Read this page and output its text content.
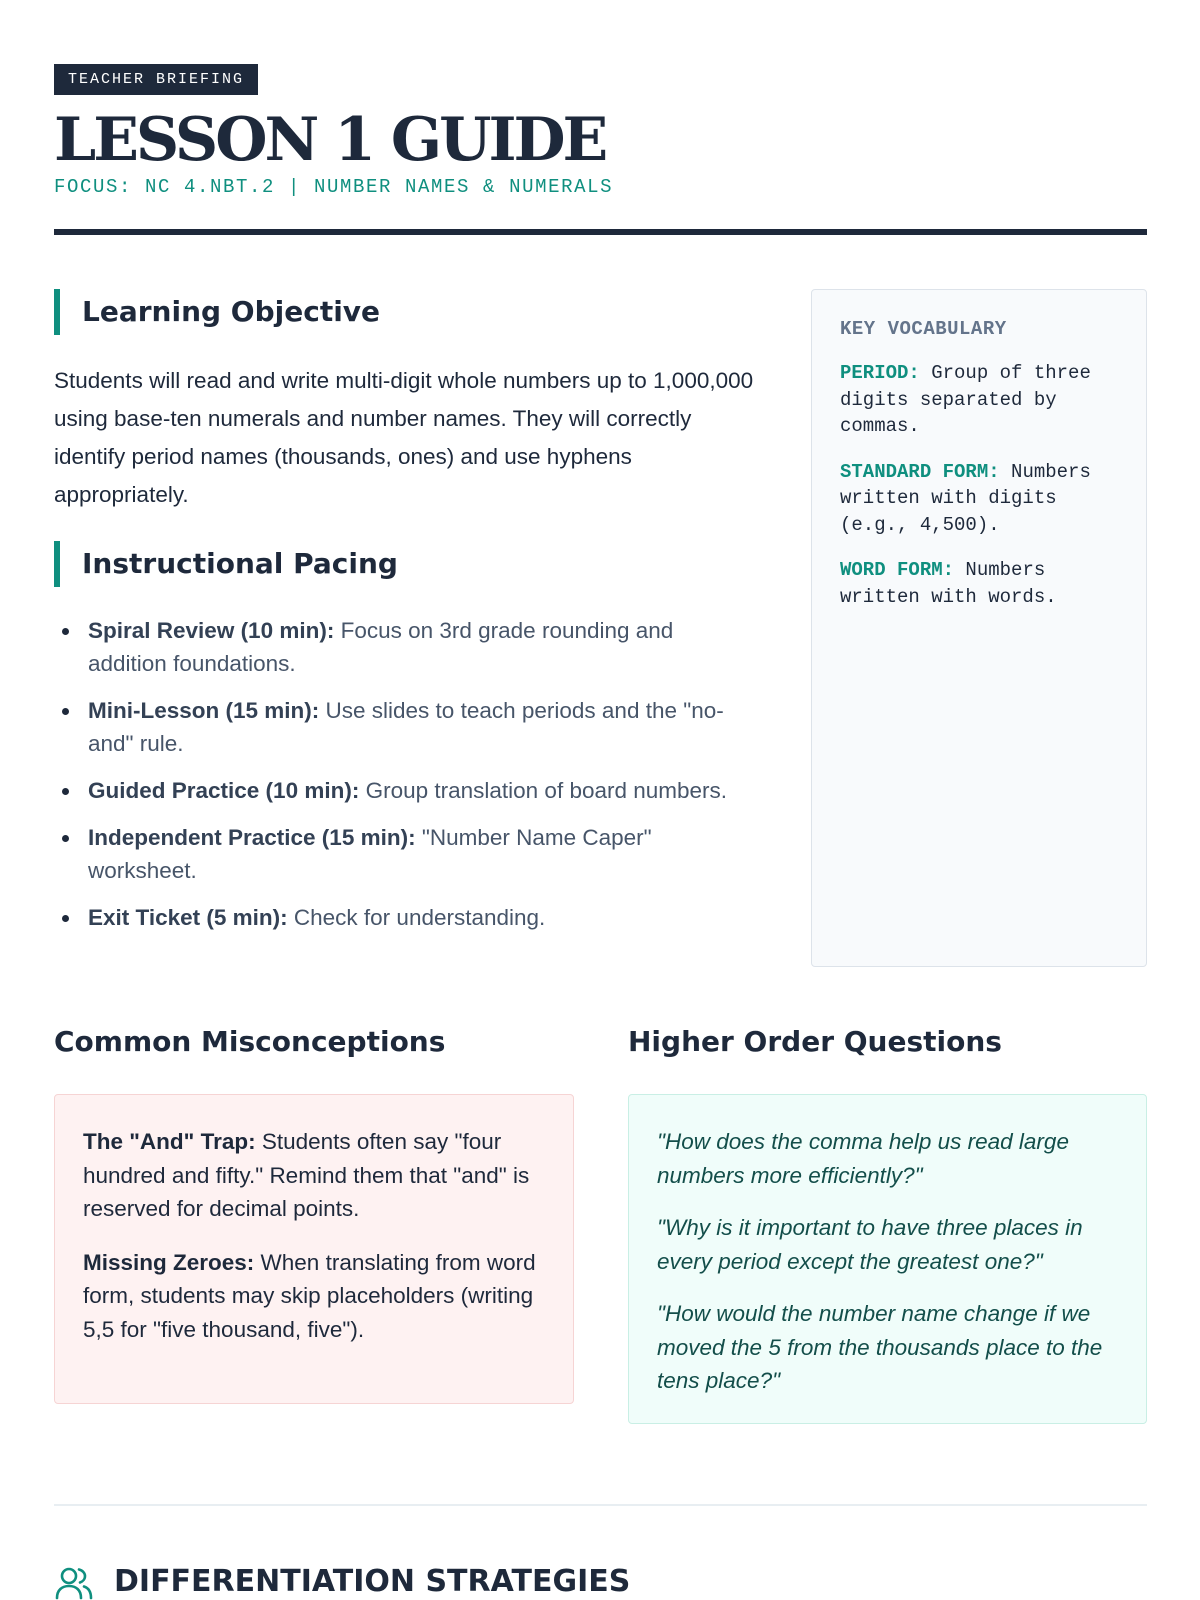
TEACHER BRIEFING
LESSON 1 GUIDE
FOCUS: NC 4.NBT.2 | NUMBER NAMES & NUMERALS
Learning Objective

Students will read and write multi-digit whole numbers up to 1,000,000 using base-ten numerals and number names. They will correctly identify period names (thousands, ones) and use hyphens appropriately.

Instructional Pacing
Spiral Review (10 min): Focus on 3rd grade rounding and addition foundations.
Mini-Lesson (15 min): Use slides to teach periods and the "no-and" rule.
Guided Practice (10 min): Group translation of board numbers.
Independent Practice (15 min): "Number Name Caper" worksheet.
Exit Ticket (5 min): Check for understanding.
KEY VOCABULARY
PERIOD: Group of three digits separated by commas.
STANDARD FORM: Numbers written with digits (e.g., 4,500).
WORD FORM: Numbers written with words.
Common Misconceptions

The "And" Trap: Students often say "four hundred and fifty." Remind them that "and" is reserved for decimal points.

Missing Zeroes: When translating from word form, students may skip placeholders (writing 5,5 for "five thousand, five").

Higher Order Questions

"How does the comma help us read large numbers more efficiently?"

"Why is it important to have three places in every period except the greatest one?"

"How would the number name change if we moved the 5 from the thousands place to the tens place?"

DIFFERENTIATION STRATEGIES
